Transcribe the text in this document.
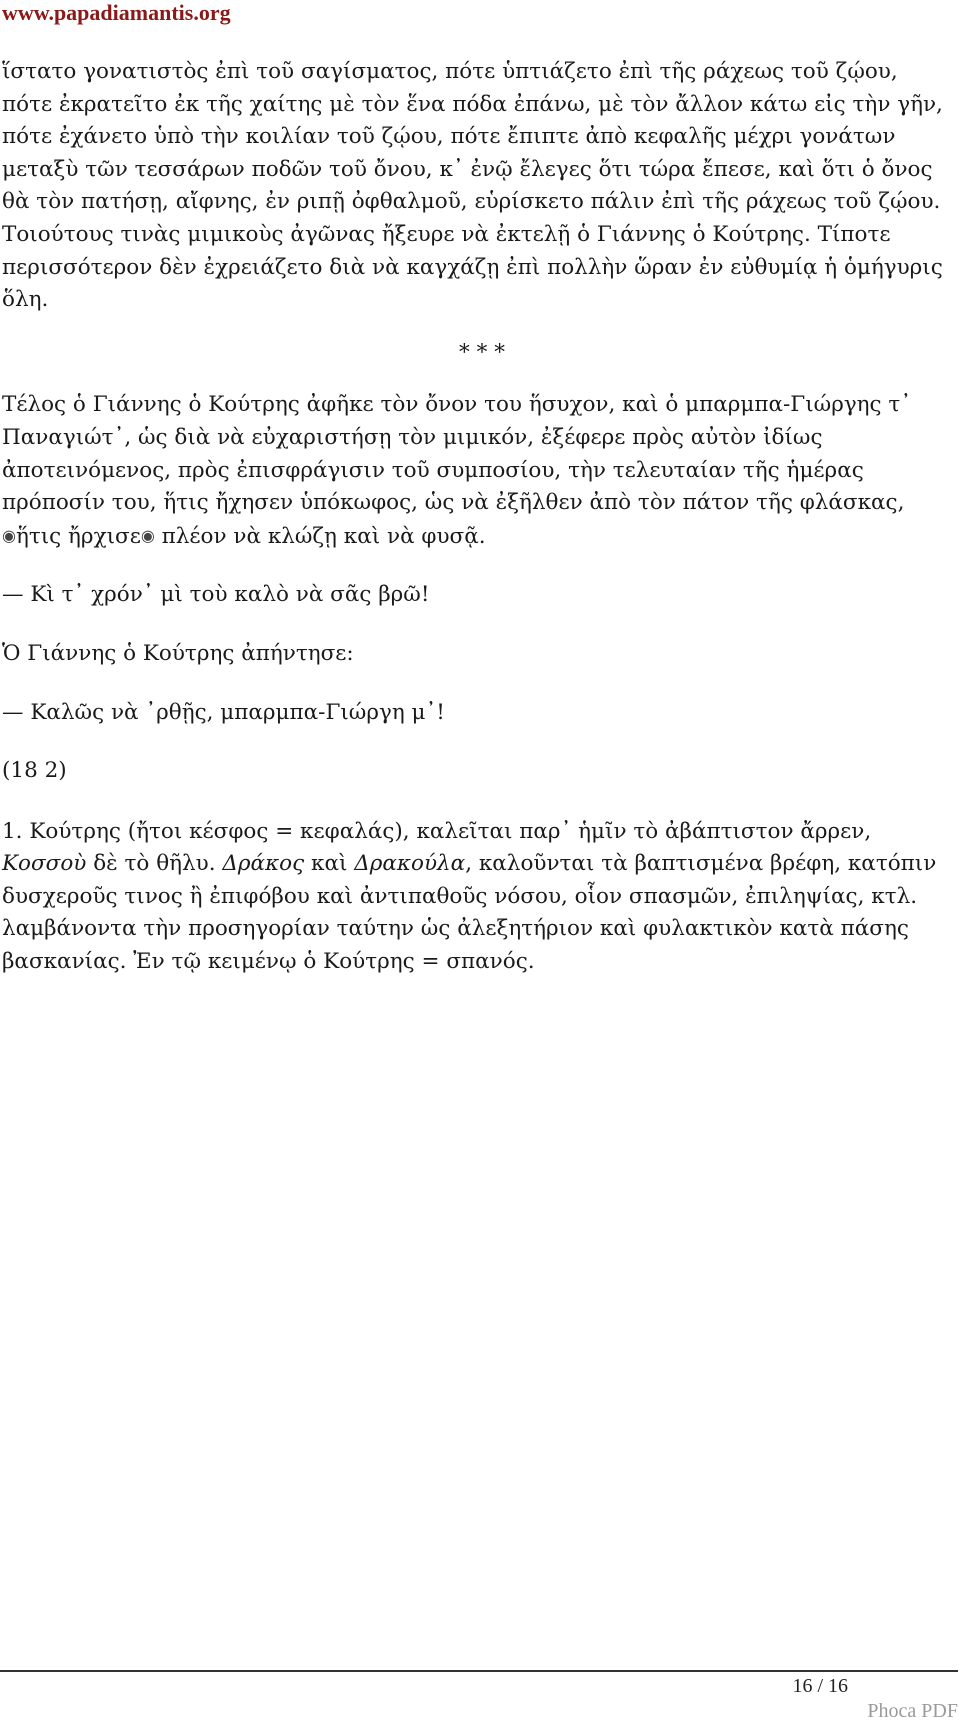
www.papadiamantis.org

ἵστατο γονατιστὸς ἐπὶ τοῦ σαγίσματος, πότε ὑπτιάζετο ἐπὶ τῆς ράχεως τοῦ ζῴου, πότε ἐκρατεῖτο ἐκ τῆς χαίτης μὲ τὸν ἕνα πόδα ἐπάνω, μὲ τὸν ἄλλον κάτω εἰς τὴν γῆν, πότε ἐχάνετο ὑπὸ τὴν κοιλίαν τοῦ ζῴου, πότε ἔπιπτε ἀπὸ κεφαλῆς μέχρι γονάτων μεταξὺ τῶν τεσσάρων ποδῶν τοῦ ὄνου, κ᾽ ἐνῷ ἔλεγες ὅτι τώρα ἔπεσε, καὶ ὅτι ὁ ὄνος θὰ τὸν πατήσῃ, αἴφνης, ἐν ριπῇ ὀφθαλμοῦ, εὑρίσκετο πάλιν ἐπὶ τῆς ράχεως τοῦ ζῴου. Τοιούτους τινὰς μιμικοὺς ἀγῶνας ἤξευρε νὰ ἐκτελῇ ὁ Γιάννης ὁ Κούτρης. Τίποτε περισσότερον δὲν ἐχρειάζετο διὰ νὰ καγχάζῃ ἐπὶ πολλὴν ὥραν ἐν εὐθυμίᾳ ἡ ὁμήγυρις ὅλη.

* * *

Τέλος ὁ Γιάννης ὁ Κούτρης ἀφῆκε τὸν ὄνον του ἥσυχον, καὶ ὁ μπαρμπα-Γιώργης τ᾽ Παναγιώτ᾽, ὡς διὰ νὰ εὐχαριστήσῃ τὸν μιμικόν, ἐξέφερε πρὸς αὐτὸν ἰδίως ἀποτεινόμενος, πρὸς ἐπισφράγισιν τοῦ συμποσίου, τὴν τελευταίαν τῆς ἡμέρας πρόποσίν του, ἥτις ἤχησεν ὑπόκωφος, ὡς νὰ ἐξῆλθεν ἀπὸ τὸν πάτον τῆς φλάσκας, ◉ἥτις ἤρχισε◉ πλέον νὰ κλώζῃ καὶ νὰ φυσᾷ.

— Κὶ τ᾽ χρόν᾽ μὶ τοὺ καλὸ νὰ σᾶς βρῶ!

Ὁ Γιάννης ὁ Κούτρης ἀπήντησε:

— Καλῶς νὰ ᾽ρθῇς, μπαρμπα-Γιώργη μ᾽!

(18 2)

1. Κούτρης (ἤτοι κέσφος = κεφαλάς), καλεῖται παρ᾽ ἡμῖν τὸ ἀβάπτιστον ἄρρεν, Κοσσοὺ δὲ τὸ θῆλυ. Δράκος καὶ Δρακούλα, καλοῦνται τὰ βαπτισμένα βρέφη, κατόπιν δυσχεροῦς τινος ἢ ἐπιφόβου καὶ ἀντιπαθοῦς νόσου, οἷον σπασμῶν, ἐπιληψίας, κτλ. λαμβάνοντα τὴν προσηγορίαν ταύτην ὡς ἀλεξητήριον καὶ φυλακτικὸν κατὰ πάσης βασκανίας. Ἐν τῷ κειμένῳ ὁ Κούτρης = σπανός.

16 / 16
Phoca PDF
